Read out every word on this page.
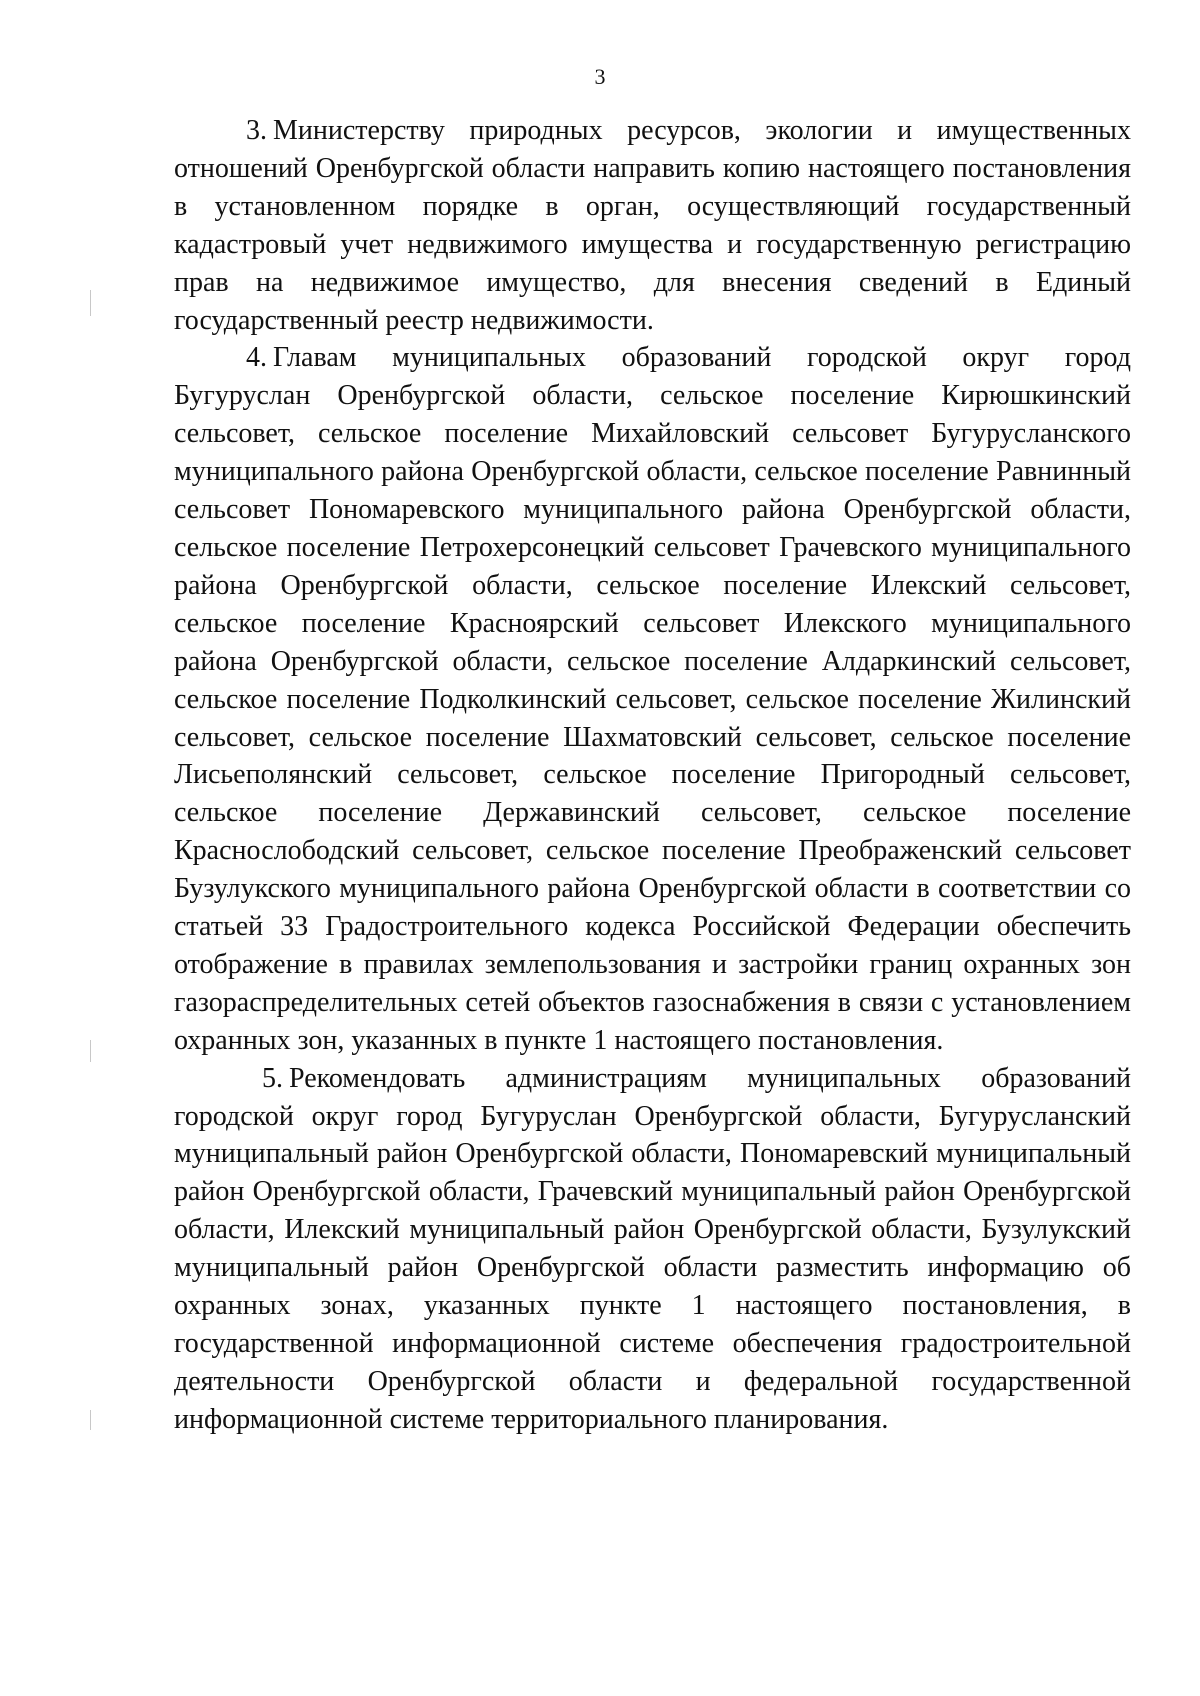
3

3. Министерству природных ресурсов, экологии и имущественных отношений Оренбургской области направить копию настоящего постановления в установленном порядке в орган, осуществляющий государственный кадастровый учет недвижимого имущества и государственную регистрацию прав на недвижимое имущество, для внесения сведений в Единый государственный реестр недвижимости.

4. Главам муниципальных образований городской округ город Бугуруслан Оренбургской области, сельское поселение Кирюшкинский сельсовет, сельское поселение Михайловский сельсовет Бугурусланского муниципального района Оренбургской области, сельское поселение Равнинный сельсовет Пономаревского муниципального района Оренбургской области, сельское поселение Петрохерсонецкий сельсовет Грачевского муниципального района Оренбургской области, сельское поселение Илекский сельсовет, сельское поселение Красноярский сельсовет Илекского муниципального района Оренбургской области, сельское поселение Алдаркинский сельсовет, сельское поселение Подколкинский сельсовет, сельское поселение Жилинский сельсовет, сельское поселение Шахматовский сельсовет, сельское поселение Лисьеполянский сельсовет, сельское поселение Пригородный сельсовет, сельское поселение Державинский сельсовет, сельское поселение Краснослободский сельсовет, сельское поселение Преображенский сельсовет Бузулукского муниципального района Оренбургской области в соответствии со статьей 33 Градостроительного кодекса Российской Федерации обеспечить отображение в правилах землепользования и застройки границ охранных зон газораспределительных сетей объектов газоснабжения в связи с установлением охранных зон, указанных в пункте 1 настоящего постановления.

5. Рекомендовать администрациям муниципальных образований городской округ город Бугуруслан Оренбургской области, Бугурусланский муниципальный район Оренбургской области, Пономаревский муниципальный район Оренбургской области, Грачевский муниципальный район Оренбургской области, Илекский муниципальный район Оренбургской области, Бузулукский муниципальный район Оренбургской области разместить информацию об охранных зонах, указанных пункте 1 настоящего постановления, в государственной информационной системе обеспечения градостроительной деятельности Оренбургской области и федеральной государственной информационной системе территориального планирования.
